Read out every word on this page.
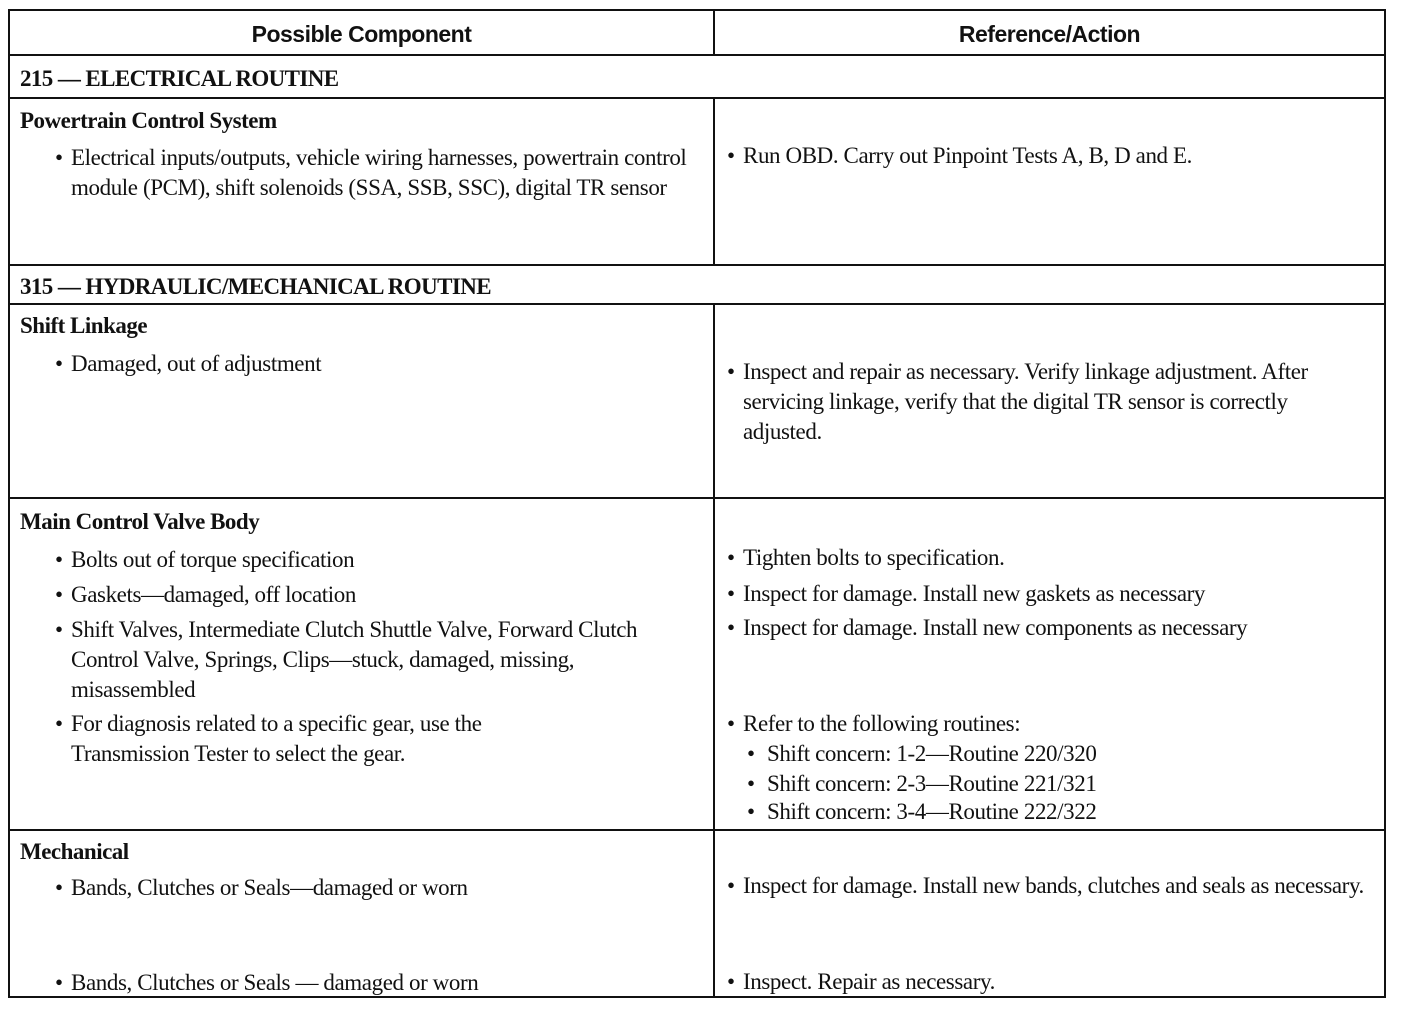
Possible Component	Reference/Action
215 — ELECTRICAL ROUTINE
Powertrain Control System
• Electrical inputs/outputs, vehicle wiring harnesses, powertrain control module (PCM), shift solenoids (SSA, SSB, SSC), digital TR sensor
• Run OBD. Carry out Pinpoint Tests A, B, D and E.
315 — HYDRAULIC/MECHANICAL ROUTINE
Shift Linkage
• Damaged, out of adjustment	• Inspect and repair as necessary. Verify linkage adjustment. After servicing linkage, verify that the digital TR sensor is correctly adjusted.
Main Control Valve Body
• Bolts out of torque specification
• Gaskets—damaged, off location
• Shift Valves, Intermediate Clutch Shuttle Valve, Forward Clutch Control Valve, Springs, Clips—stuck, damaged, missing, misassembled
• For diagnosis related to a specific gear, use the Transmission Tester to select the gear.
• Tighten bolts to specification.
• Inspect for damage. Install new gaskets as necessary
• Inspect for damage. Install new components as necessary
• Refer to the following routines:
• Shift concern: 1-2—Routine 220/320
• Shift concern: 2-3—Routine 221/321
• Shift concern: 3-4—Routine 222/322
Mechanical
• Bands, Clutches or Seals—damaged or worn
• Bands, Clutches or Seals — damaged or worn
• Inspect for damage. Install new bands, clutches and seals as necessary.
• Inspect. Repair as necessary.
